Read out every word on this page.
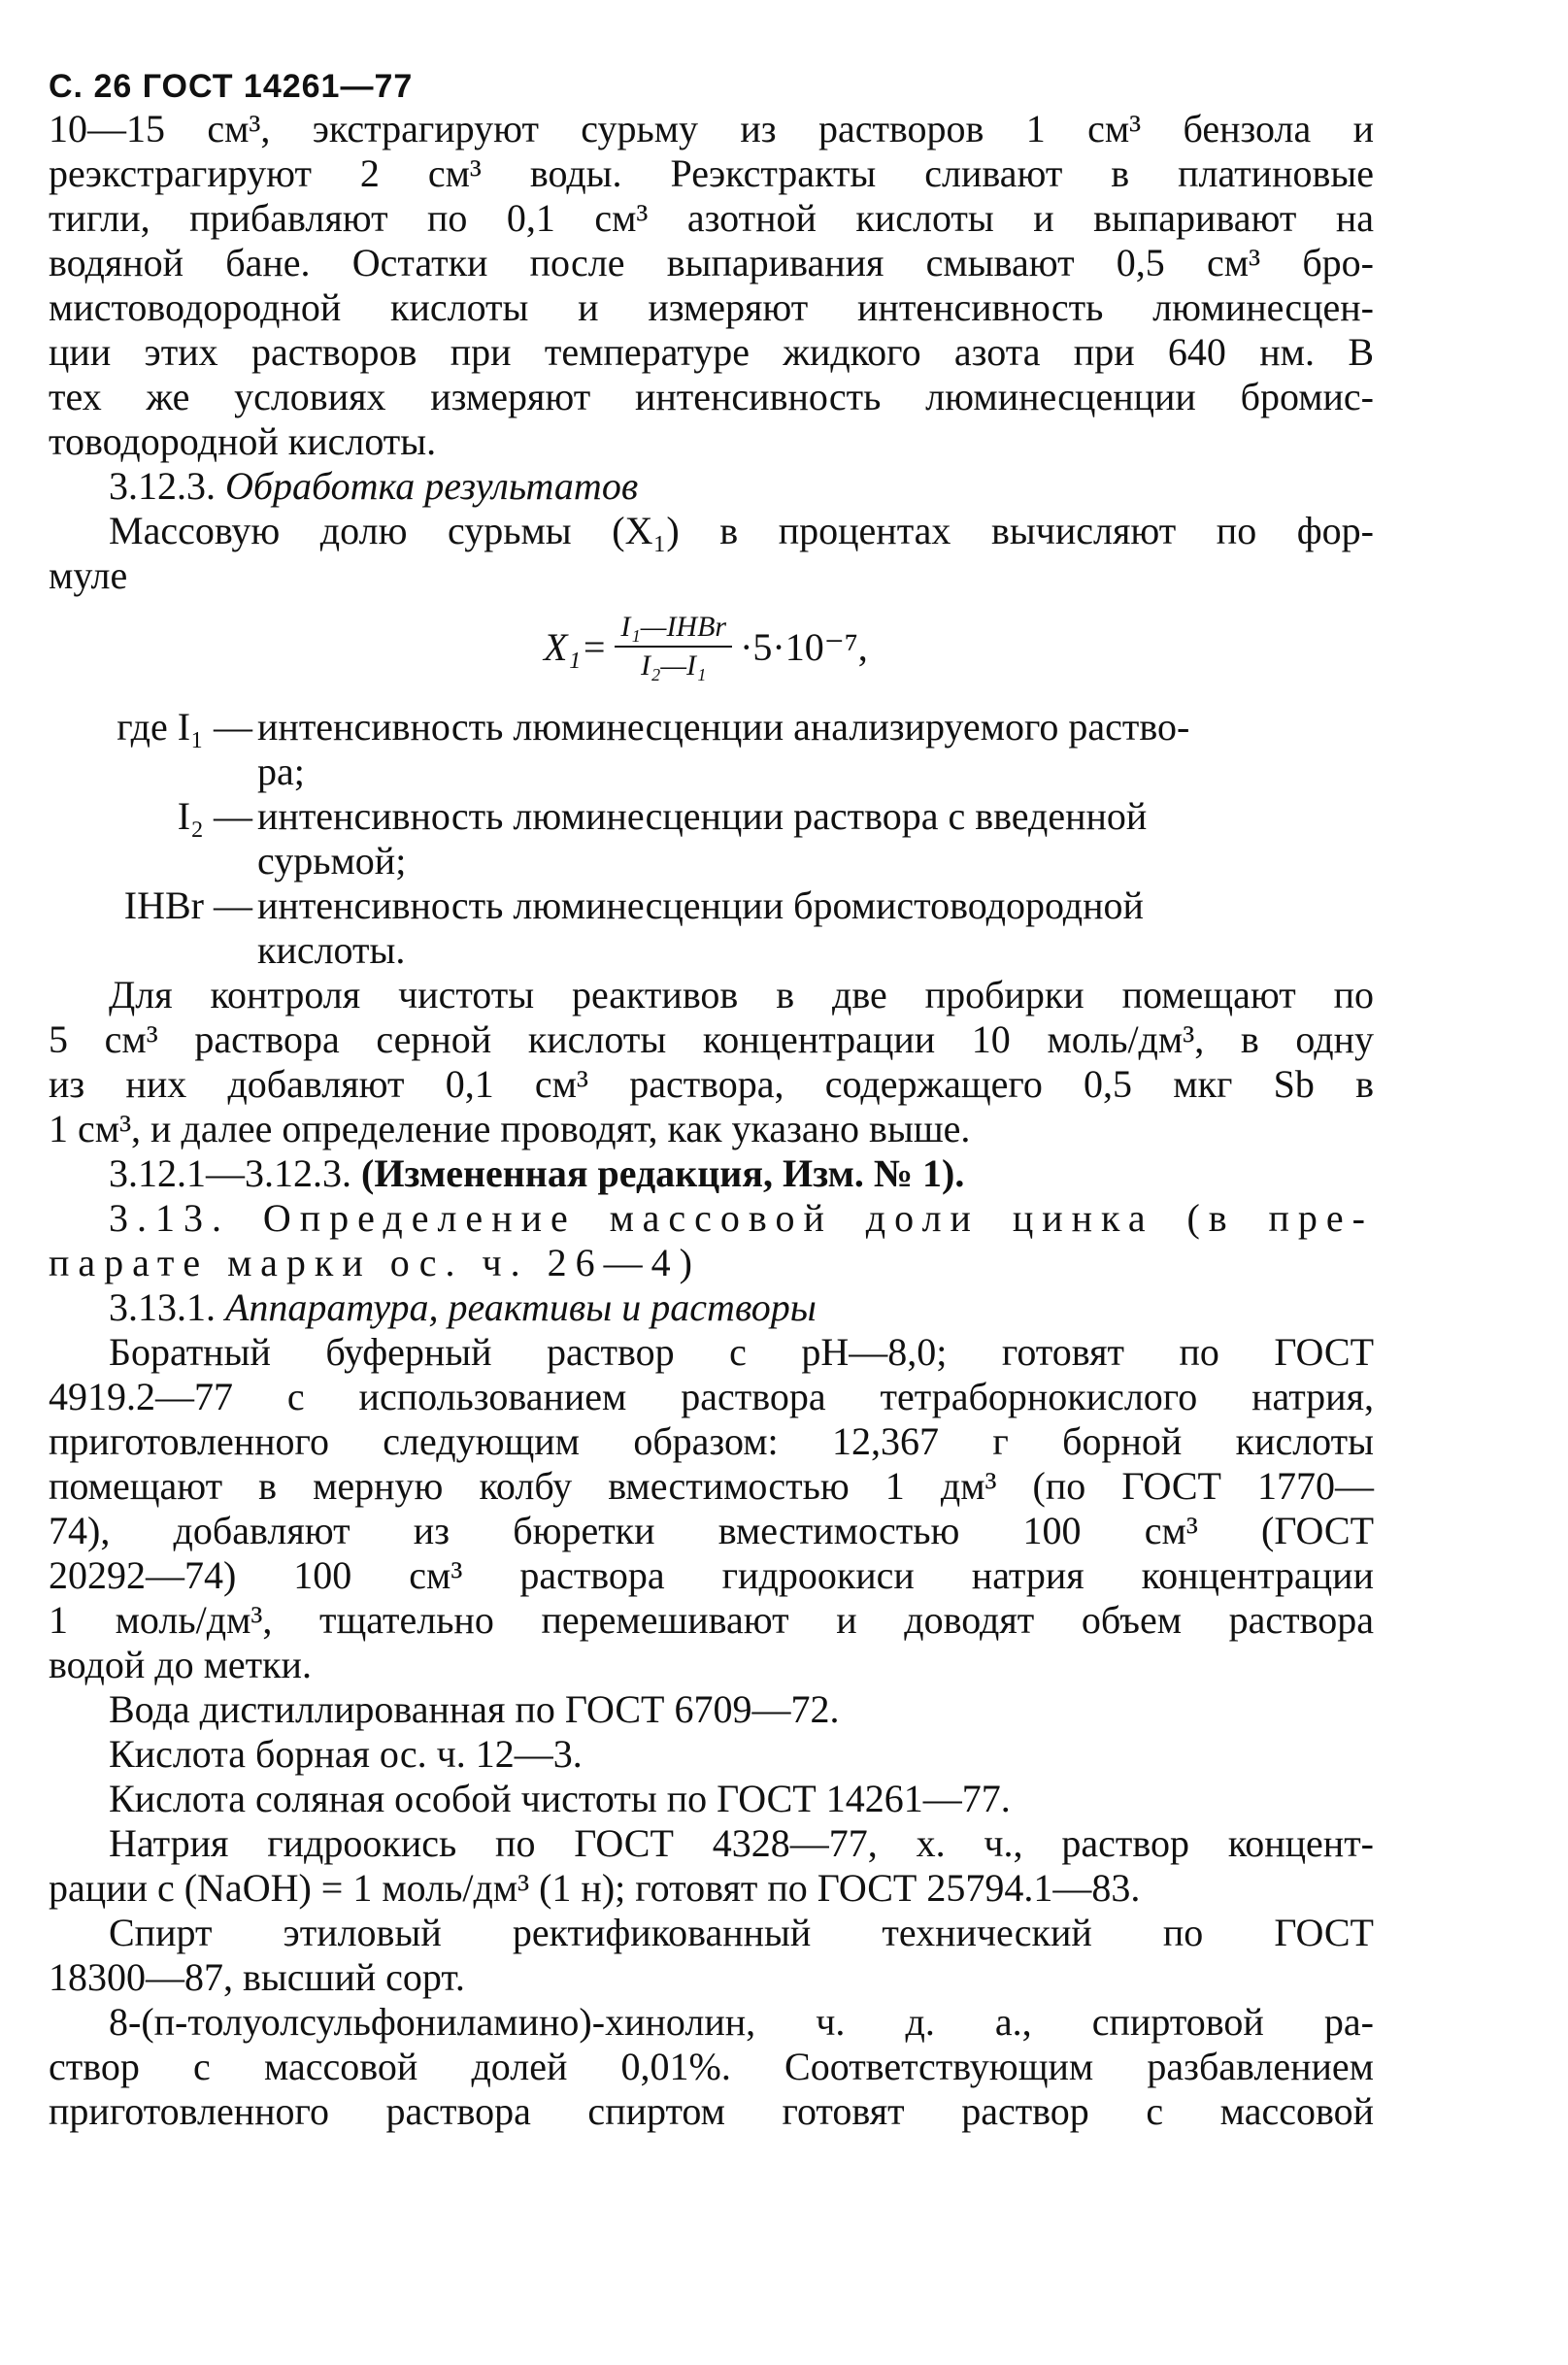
С. 26 ГОСТ 14261—77
10—15 см³, экстрагируют сурьму из растворов 1 см³ бензола и
реэкстрагируют 2 см³ воды. Реэкстракты сливают в платиновые
тигли, прибавляют по 0,1 см³ азотной кислоты и выпаривают на
водяной бане. Остатки после выпаривания смывают 0,5 см³ бро-
мистоводородной кислоты и измеряют интенсивность люминесцен-
ции этих растворов при температуре жидкого азота при 640 нм. В
тех же условиях измеряют интенсивность люминесценции бромис-
товодородной кислоты.
3.12.3. Обработка результатов
Массовую долю сурьмы (X₁) в процентах вычисляют по фор-
муле
$X_1= \frac{\text{I₁—IНBr}}{\text{I₂—I₁}} \cdot 5\cdot 10^{-7}$,
где I₁ — интенсивность люминесценции анализируемого раство-
ра;
I₂ — интенсивность люминесценции раствора с введенной
сурьмой;
IНBr — интенсивность люминесценции бромистоводородной
кислоты.
Для контроля чистоты реактивов в две пробирки помещают по
5 см³ раствора серной кислоты концентрации 10 моль/дм³, в одну
из них добавляют 0,1 см³ раствора, содержащего 0,5 мкг Sb в
1 см³, и далее определение проводят, как указано выше.
3.12.1—3.12.3. (Измененная редакция, Изм. № 1).
3.13. Определение массовой доли цинка (в пре-
парате марки ос. ч. 26—4)
3.13.1. Аппаратура, реактивы и растворы
Боратный буферный раствор с pH—8,0; готовят по ГОСТ
4919.2—77 с использованием раствора тетраборнокислого натрия,
приготовленного следующим образом: 12,367 г борной кислоты
помещают в мерную колбу вместимостью 1 дм³ (по ГОСТ 1770—
74), добавляют из бюретки вместимостью 100 см³ (ГОСТ
20292—74) 100 см³ раствора гидроокиси натрия концентрации
1 моль/дм³, тщательно перемешивают и доводят объем раствора
водой до метки.
Вода дистиллированная по ГОСТ 6709—72.
Кислота борная ос. ч. 12—3.
Кислота соляная особой чистоты по ГОСТ 14261—77.
Натрия гидроокись по ГОСТ 4328—77, х. ч., раствор концент-
рации c (NaOH) = 1 моль/дм³ (1 н); готовят по ГОСТ 25794.1—83.
Спирт этиловый ректификованный технический по ГОСТ
18300—87, высший сорт.
8-(п-толуолсульфониламино)-хинолин, ч. д. а., спиртовой ра-
створ с массовой долей 0,01%. Соответствующим разбавлением
приготовленного раствора спиртом готовят раствор с массовой
